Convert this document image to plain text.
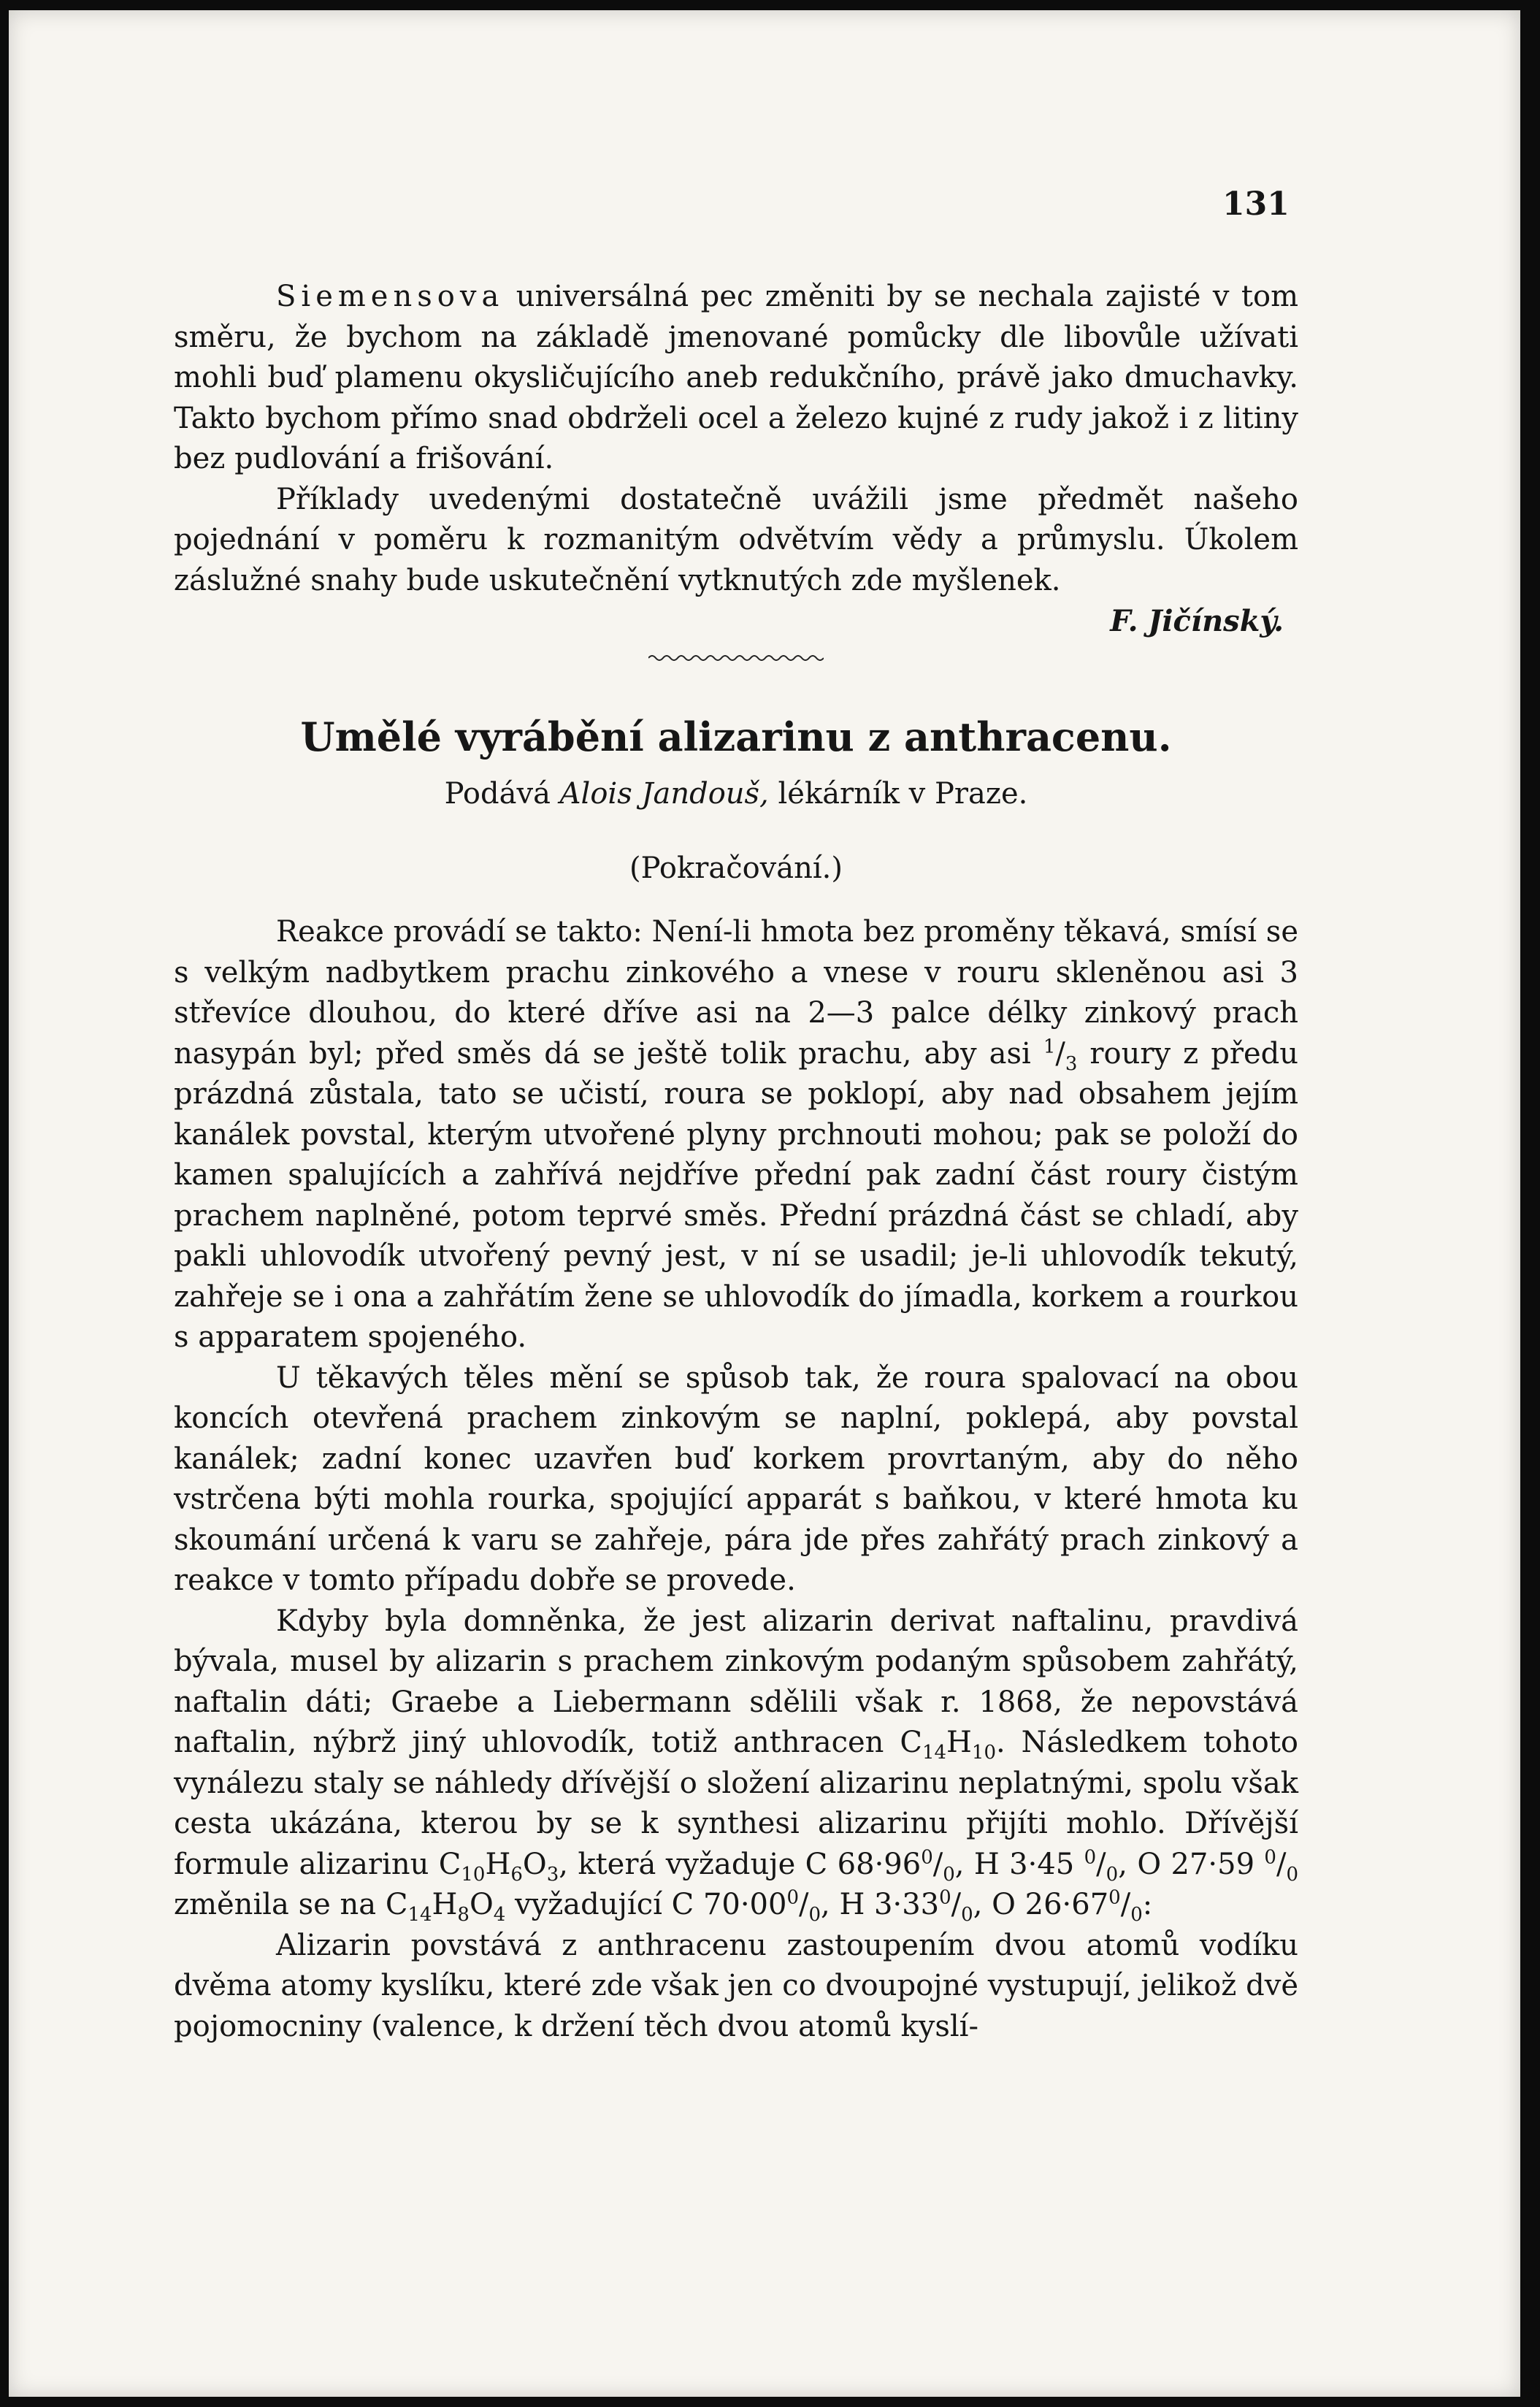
131

Siemensova universálná pec změniti by se nechala zajisté v tom směru, že bychom na základě jmenované pomůcky dle libovůle užívati mohli buď plamenu okysličujícího aneb redukčního, právě jako dmuchavky. Takto bychom přímo snad obdrželi ocel a železo kujné z rudy jakož i z litiny bez pudlování a frišování.

Příklady uvedenými dostatečně uvážili jsme předmět našeho pojednání v poměru k rozmanitým odvětvím vědy a průmyslu. Úkolem záslužné snahy bude uskutečnění vytknutých zde myšlenek.

F. Jičínský.

Umělé vyrábění alizarinu z anthracenu.

Podává Alois Jandouš, lékárník v Praze.

(Pokračování.)

Reakce provádí se takto: Není-li hmota bez proměny těkavá, smísí se s velkým nadbytkem prachu zinkového a vnese v rouru skleněnou asi 3 střevíce dlouhou, do které dříve asi na 2—3 palce délky zinkový prach nasypán byl; před směs dá se ještě tolik prachu, aby asi $^1/_3$ roury z předu prázdná zůstala, tato se učistí, roura se poklopí, aby nad obsahem jejím kanálek povstal, kterým utvořené plyny prchnouti mohou; pak se položí do kamen spalujících a zahřívá nejdříve přední pak zadní část roury čistým prachem naplněné, potom teprvé směs. Přední prázdná část se chladí, aby pakli uhlovodík utvořený pevný jest, v ní se usadil; je-li uhlovodík tekutý, zahřeje se i ona a zahřátím žene se uhlovodík do jímadla, korkem a rourkou s apparatem spojeného.

U těkavých těles mění se spůsob tak, že roura spalovací na obou koncích otevřená prachem zinkovým se naplní, poklepá, aby povstal kanálek; zadní konec uzavřen buď korkem provrtaným, aby do něho vstrčena býti mohla rourka, spojující apparát s baňkou, v které hmota ku skoumání určená k varu se zahřeje, pára jde přes zahřátý prach zinkový a reakce v tomto případu dobře se provede.

Kdyby byla domněnka, že jest alizarin derivat naftalinu, pravdivá bývala, musel by alizarin s prachem zinkovým podaným spůsobem zahřátý, naftalin dáti; Graebe a Liebermann sdělili však r. 1868, že nepovstává naftalin, nýbrž jiný uhlovodík, totiž anthracen $C_{14}H_{10}$. Následkem tohoto vynálezu staly se náhledy dřívější o složení alizarinu neplatnými, spolu však cesta ukázána, kterou by se k synthesi alizarinu přijíti mohlo. Dřívější formule alizarinu $C_{10}H_6O_3$, která vyžaduje C $68\cdot 96^0/_0$, H 3·45 $^0/_0$, O 27·59 $^0/_0$ změnila se na $C_{14}H_8O_4$ vyžadující C $70\cdot 00^0/_0$, H $3\cdot 33^0/_0$, O $26\cdot 67^0/_0$:

Alizarin povstává z anthracenu zastoupením dvou atomů vodíku dvěma atomy kyslíku, které zde však jen co dvoupojné vystupují, jelikož dvě pojomocniny (valence, k držení těch dvou atomů kyslí-
